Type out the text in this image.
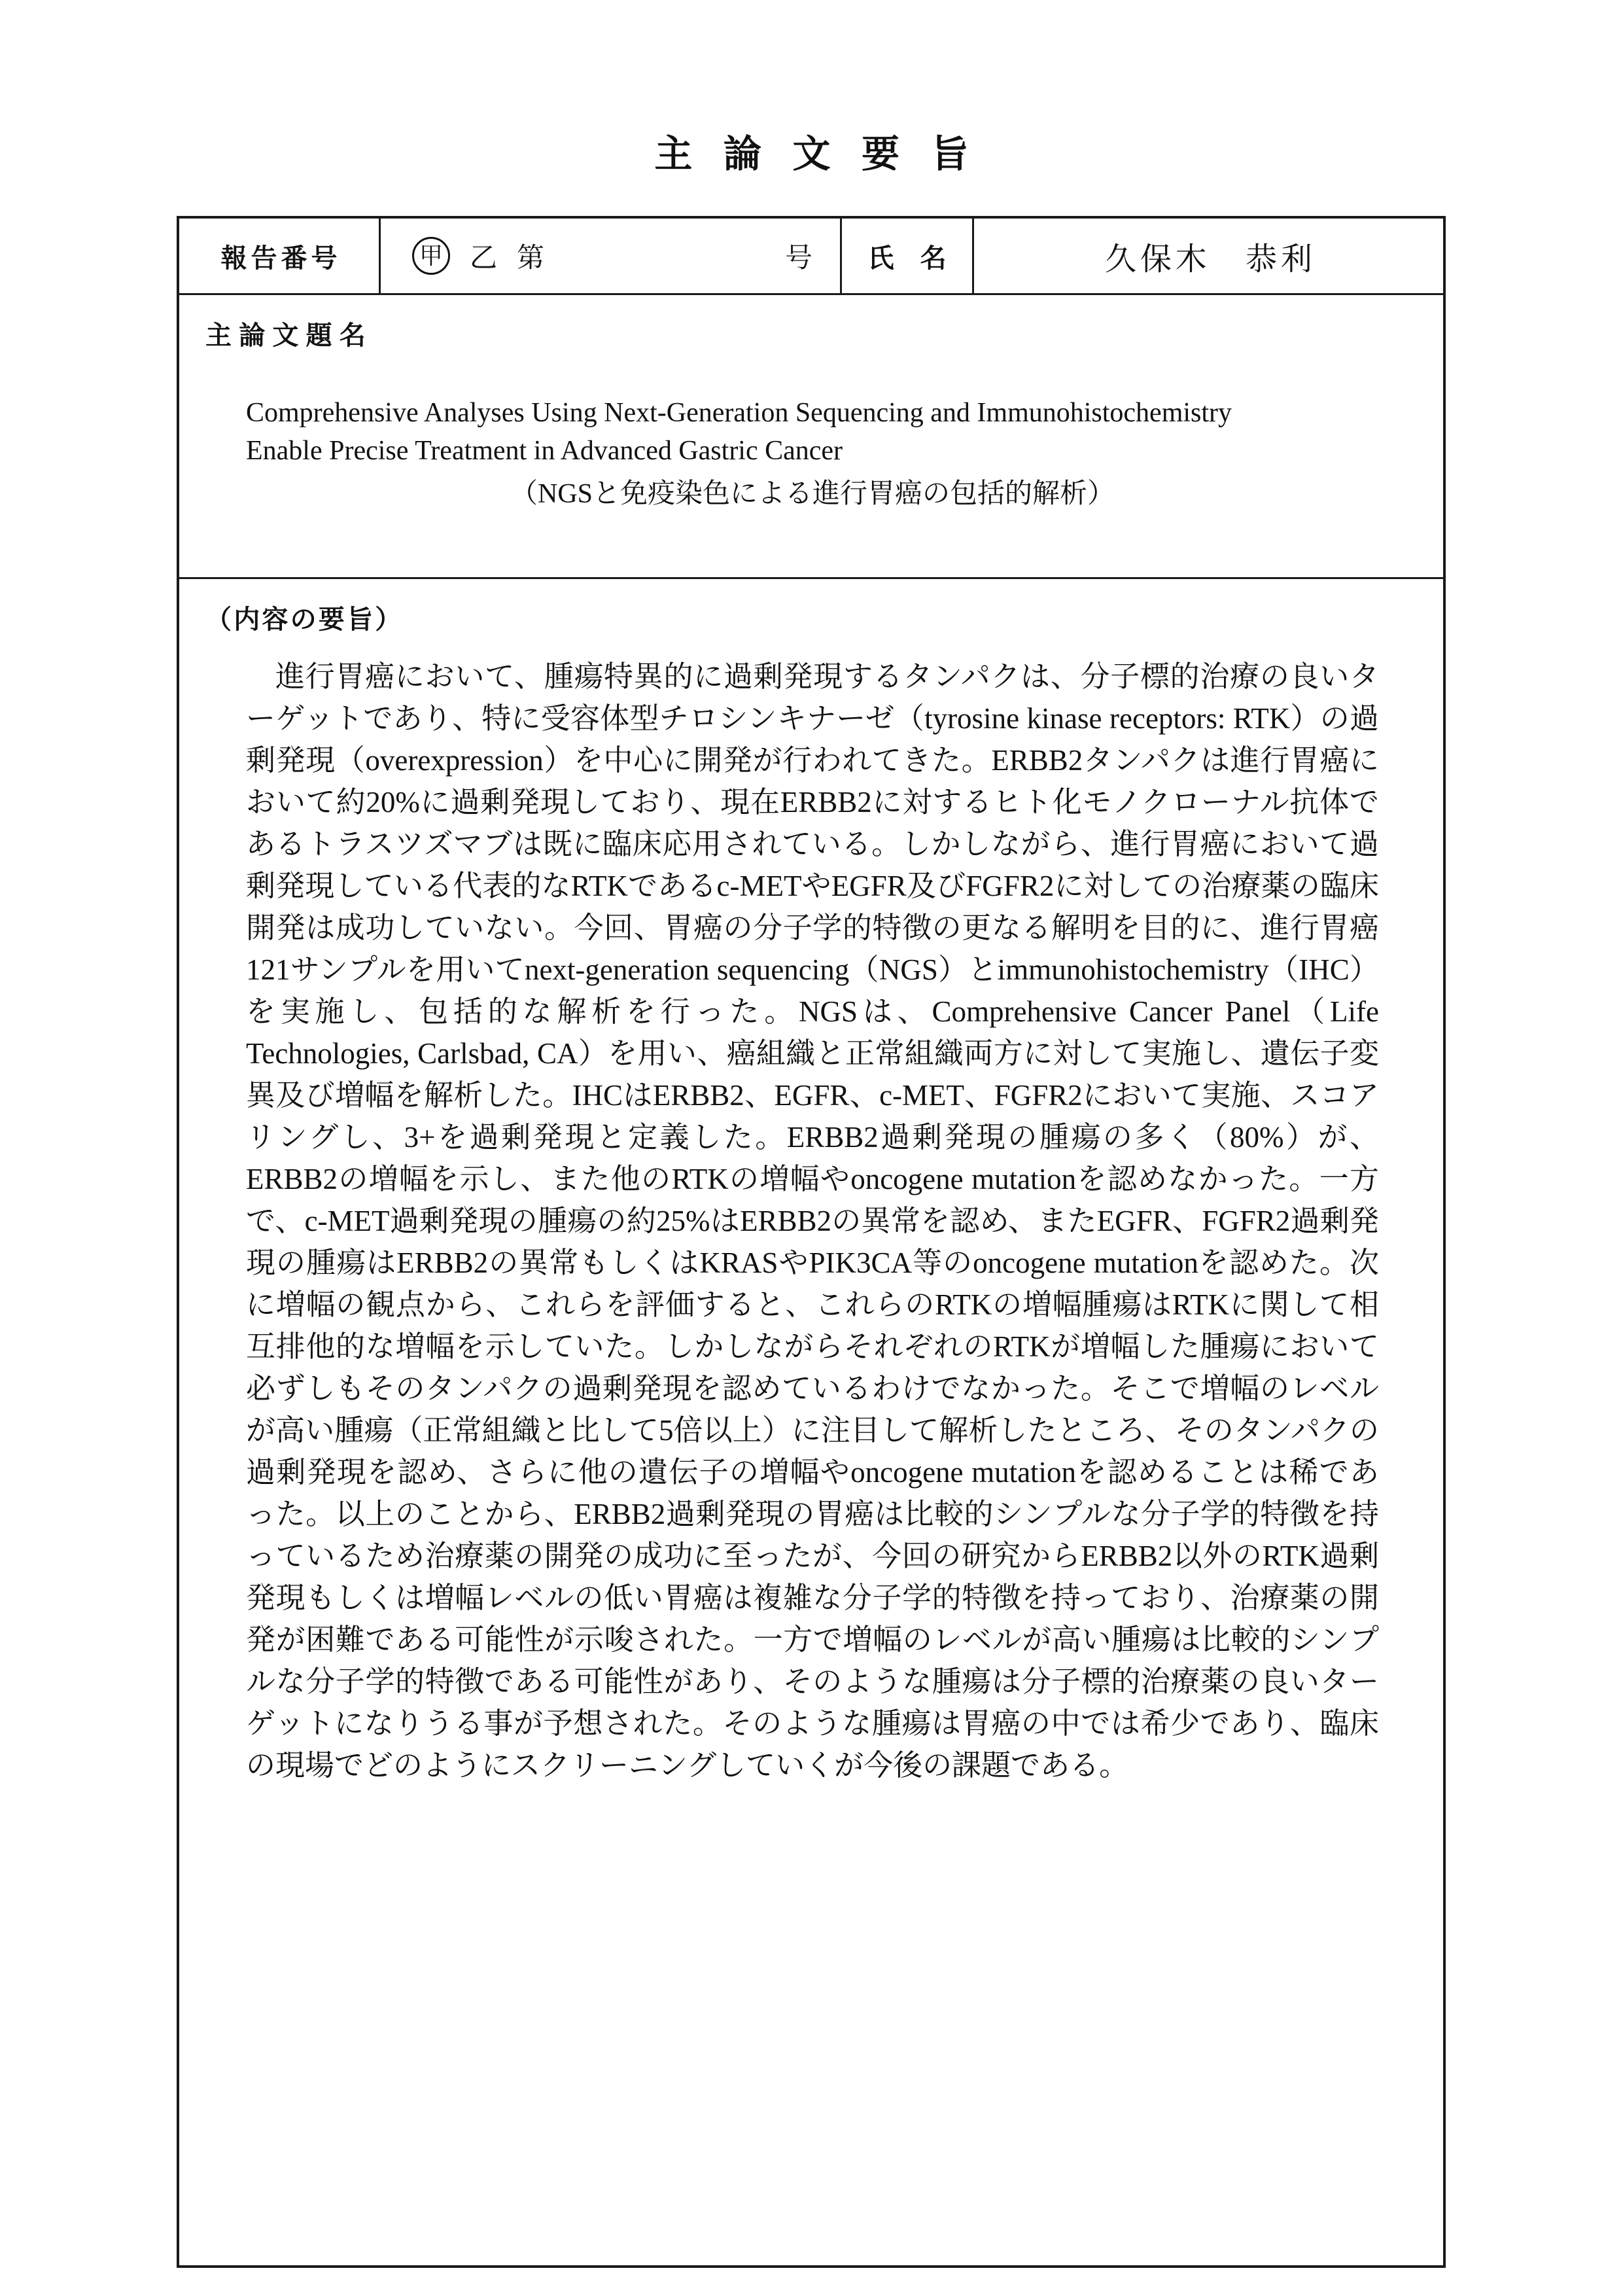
主論文要旨
報告番号	甲 乙 第	号	氏　名	久保木　恭利
主論文題名
Comprehensive Analyses Using Next-Generation Sequencing and Immunohistochemistry
Enable Precise Treatment in Advanced Gastric Cancer
（NGSと免疫染色による進行胃癌の包括的解析）
（内容の要旨）

進行胃癌において、腫瘍特異的に過剰発現するタンパクは、分子標的治療の良いターゲットであり、特に受容体型チロシンキナーゼ（tyrosine kinase receptors: RTK）の過剰発現（overexpression）を中心に開発が行われてきた。ERBB2タンパクは進行胃癌において約20%に過剰発現しており、現在ERBB2に対するヒト化モノクローナル抗体であるトラスツズマブは既に臨床応用されている。しかしながら、進行胃癌において過剰発現している代表的なRTKであるc-METやEGFR及びFGFR2に対しての治療薬の臨床開発は成功していない。今回、胃癌の分子学的特徴の更なる解明を目的に、進行胃癌121サンプルを用いてnext-generation sequencing（NGS）とimmunohistochemistry（IHC）を実施し、包括的な解析を行った。NGSは、Comprehensive Cancer Panel（Life Technologies, Carlsbad, CA）を用い、癌組織と正常組織両方に対して実施し、遺伝子変異及び増幅を解析した。IHCはERBB2、EGFR、c-MET、FGFR2において実施、スコアリングし、3+を過剰発現と定義した。ERBB2過剰発現の腫瘍の多く（80%）が、ERBB2の増幅を示し、また他のRTKの増幅やoncogene mutationを認めなかった。一方で、c-MET過剰発現の腫瘍の約25%はERBB2の異常を認め、またEGFR、FGFR2過剰発現の腫瘍はERBB2の異常もしくはKRASやPIK3CA等のoncogene mutationを認めた。次に増幅の観点から、これらを評価すると、これらのRTKの増幅腫瘍はRTKに関して相互排他的な増幅を示していた。しかしながらそれぞれのRTKが増幅した腫瘍において必ずしもそのタンパクの過剰発現を認めているわけでなかった。そこで増幅のレベルが高い腫瘍（正常組織と比して5倍以上）に注目して解析したところ、そのタンパクの過剰発現を認め、さらに他の遺伝子の増幅やoncogene mutationを認めることは稀であった。以上のことから、ERBB2過剰発現の胃癌は比較的シンプルな分子学的特徴を持っているため治療薬の開発の成功に至ったが、今回の研究からERBB2以外のRTK過剰発現もしくは増幅レベルの低い胃癌は複雑な分子学的特徴を持っており、治療薬の開発が困難である可能性が示唆された。一方で増幅のレベルが高い腫瘍は比較的シンプルな分子学的特徴である可能性があり、そのような腫瘍は分子標的治療薬の良いターゲットになりうる事が予想された。そのような腫瘍は胃癌の中では希少であり、臨床の現場でどのようにスクリーニングしていくが今後の課題である。
